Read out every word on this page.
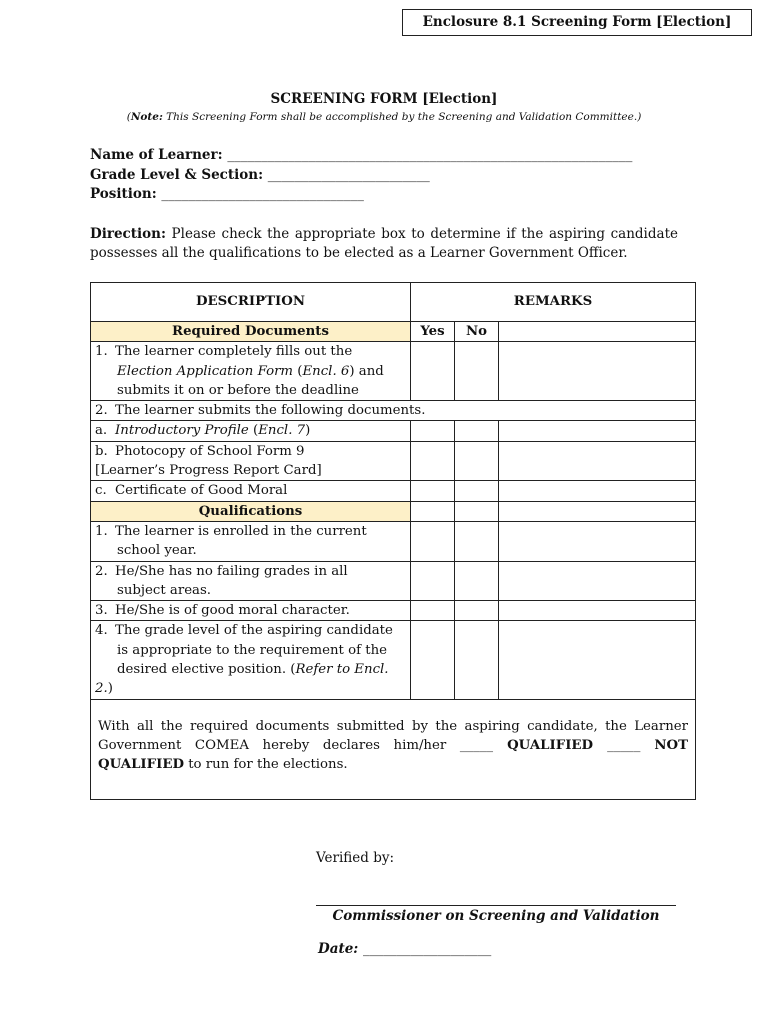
Enclosure 8.1 Screening Form [Election]
SCREENING FORM [Election]
(Note: This Screening Form shall be accomplished by the Screening and Validation Committee.)
Name of Learner: ____________________________________________________________
Grade Level & Section: ________________________
Position: ______________________________
Direction: Please check the appropriate box to determine if the aspiring candidate possesses all the qualifications to be elected as a Learner Government Officer.
DESCRIPTION	REMARKS		
Required Documents	Yes	No	
1. The learner completely fills out the
Election Application Form (Encl. 6) and
submits it on or before the deadline			
2. The learner submits the following documents.			
a. Introductory Profile (Encl. 7)			
b. Photocopy of School Form 9
[Learner’s Progress Report Card]			
c. Certificate of Good Moral			
Qualifications			
1. The learner is enrolled in the current
school year.			
2. He/She has no failing grades in all
subject areas.			
3. He/She is of good moral character.			
4. The grade level of the aspiring candidate
is appropriate to the requirement of the
desired elective position. (Refer to Encl. 2.)			
With all the required documents submitted by the aspiring candidate, the Learner Government COMEA hereby declares him/her _____ QUALIFIED _____ NOT QUALIFIED to run for the elections.			
Verified by:
Commissioner on Screening and Validation
Date: ___________________
